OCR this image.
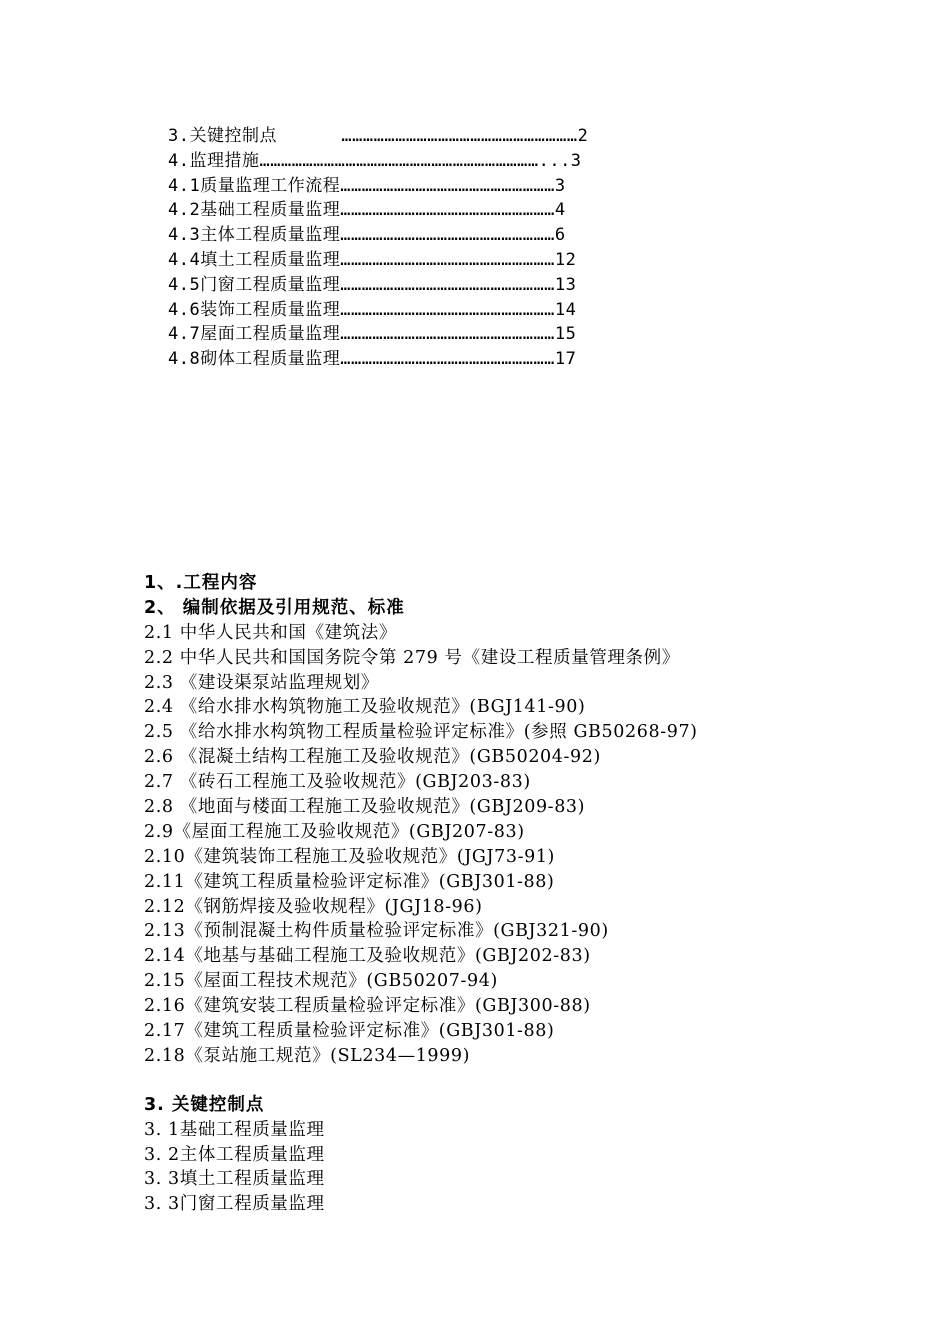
3.关键控制点	…………………………………………………………2
4.监理措施……………………………………………………………………...3
4.1质量监理工作流程……………………………………………………3
4.2基础工程质量监理……………………………………………………4
4.3主体工程质量监理……………………………………………………6
4.4填土工程质量监理……………………………………………………12
4.5门窗工程质量监理……………………………………………………13
4.6装饰工程质量监理……………………………………………………14
4.7屋面工程质量监理……………………………………………………15
4.8砌体工程质量监理……………………………………………………17
1、.工程内容
2、 编制依据及引用规范、标准
2.1 中华人民共和国《建筑法》
2.2 中华人民共和国国务院令第 279 号《建设工程质量管理条例》
2.3 《建设渠泵站监理规划》
2.4 《给水排水构筑物施工及验收规范》(BGJ141-90)
2.5 《给水排水构筑物工程质量检验评定标准》(参照 GB50268-97)
2.6 《混凝土结构工程施工及验收规范》(GB50204-92)
2.7 《砖石工程施工及验收规范》(GBJ203-83)
2.8 《地面与楼面工程施工及验收规范》(GBJ209-83)
2.9《屋面工程施工及验收规范》(GBJ207-83)
2.10《建筑装饰工程施工及验收规范》(JGJ73-91)
2.11《建筑工程质量检验评定标准》(GBJ301-88)
2.12《钢筋焊接及验收规程》(JGJ18-96)
2.13《预制混凝土构件质量检验评定标准》(GBJ321-90)
2.14《地基与基础工程施工及验收规范》(GBJ202-83)
2.15《屋面工程技术规范》(GB50207-94)
2.16《建筑安装工程质量检验评定标准》(GBJ300-88)
2.17《建筑工程质量检验评定标准》(GBJ301-88)
2.18《泵站施工规范》(SL234—1999)
3. 关键控制点
3. 1基础工程质量监理
3. 2主体工程质量监理
3. 3填土工程质量监理
3. 3门窗工程质量监理
